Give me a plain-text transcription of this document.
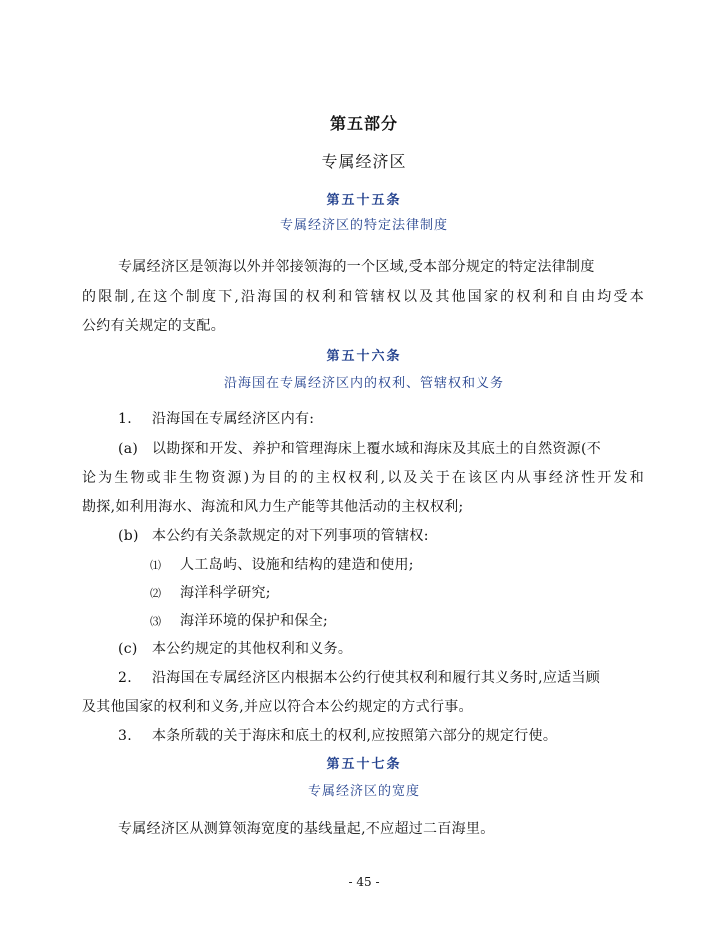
第五部分
专属经济区
第五十五条
专属经济区的特定法律制度
专属经济区是领海以外并邻接领海的一个区域,受本部分规定的特定法律制度
的限制,在这个制度下,沿海国的权利和管辖权以及其他国家的权利和自由均受本
公约有关规定的支配。
第五十六条
沿海国在专属经济区内的权利、管辖权和义务
1. 沿海国在专属经济区内有:
(a) 以勘探和开发、养护和管理海床上覆水域和海床及其底土的自然资源(不
论为生物或非生物资源)为目的的主权权利,以及关于在该区内从事经济性开发和
勘探,如利用海水、海流和风力生产能等其他活动的主权权利;
(b) 本公约有关条款规定的对下列事项的管辖权:
⑴ 人工岛屿、设施和结构的建造和使用;
⑵ 海洋科学研究;
⑶ 海洋环境的保护和保全;
(c) 本公约规定的其他权利和义务。
2. 沿海国在专属经济区内根据本公约行使其权利和履行其义务时,应适当顾
及其他国家的权利和义务,并应以符合本公约规定的方式行事。
3. 本条所载的关于海床和底土的权利,应按照第六部分的规定行使。
第五十七条
专属经济区的宽度
专属经济区从测算领海宽度的基线量起,不应超过二百海里。
- 45 -
